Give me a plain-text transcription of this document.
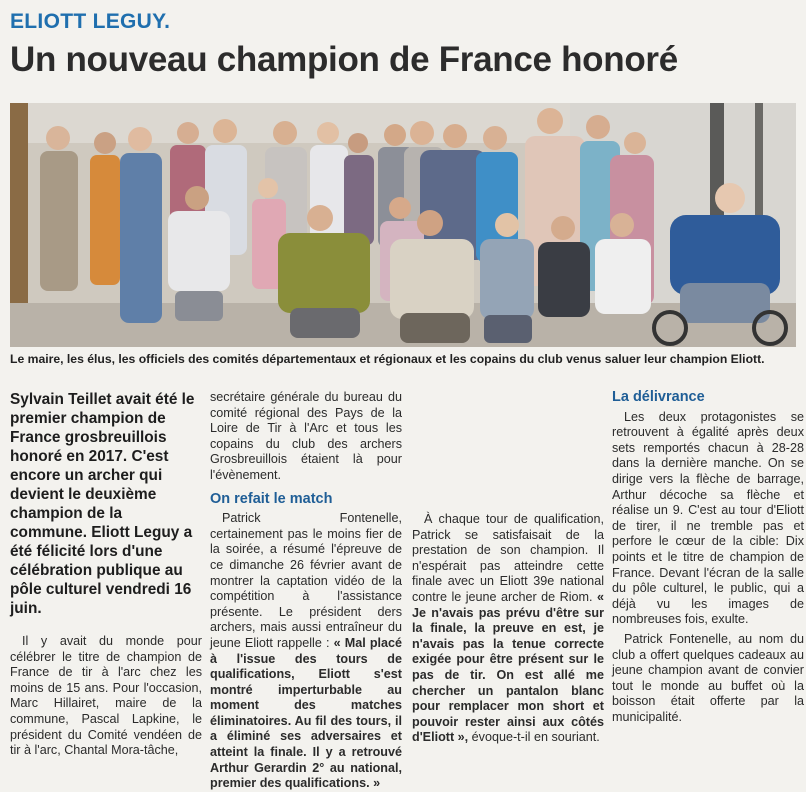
ELIOTT LEGUY.
Un nouveau champion de France honoré
Le maire, les élus, les officiels des comités départementaux et régionaux et les copains du club venus saluer leur champion Eliott.

Sylvain Teillet avait été le premier champion de France grosbreuillois honoré en 2017. C'est encore un archer qui devient le deuxième champion de la commune. Eliott Leguy a été félicité lors d'une célébration publique au pôle culturel vendredi 16 juin.

Il y avait du monde pour célébrer le titre de champion de France de tir à l'arc chez les moins de 15 ans. Pour l'occasion, Marc Hillairet, maire de la commune, Pascal Lapkine, le président du Comité vendéen de tir à l'arc, Chantal Mora-tâche,

secrétaire générale du bureau du comité régional des Pays de la Loire de Tir à l'Arc et tous les copains du club des archers Grosbreuillois étaient là pour l'évènement.

On refait le match

Patrick Fontenelle, certainement pas le moins fier de la soirée, a résumé l'épreuve de ce dimanche 26 février avant de montrer la captation vidéo de la compétition à l'assistance présente. Le président ders archers, mais aussi entraîneur du jeune Eliott rappelle : « Mal placé à l'issue des tours de qualifications, Eliott s'est montré imperturbable au moment des matches éliminatoires. Au fil des tours, il a éliminé ses adversaires et atteint la finale. Il y a retrouvé Arthur Gerardin 2° au national, premier des qualifications. »

À chaque tour de qualification, Patrick se satisfaisait de la prestation de son champion. Il n'espérait pas atteindre cette finale avec un Eliott 39e national contre le jeune archer de Riom. « Je n'avais pas prévu d'être sur la finale, la preuve en est, je n'avais pas la tenue correcte exigée pour être présent sur le pas de tir. On est allé me chercher un pantalon blanc pour remplacer mon short et pouvoir rester ainsi aux côtés d'Eliott », évoque-t-il en souriant.

La délivrance

Les deux protagonistes se retrouvent à égalité après deux sets remportés chacun à 28-28 dans la dernière manche. On se dirige vers la flèche de barrage, Arthur décoche sa flèche et réalise un 9. C'est au tour d'Eliott de tirer, il ne tremble pas et perfore le cœur de la cible: Dix points et le titre de champion de France. Devant l'écran de la salle du pôle culturel, le public, qui a déjà vu les images de nombreuses fois, exulte.

Patrick Fontenelle, au nom du club a offert quelques cadeaux au jeune champion avant de convier tout le monde au buffet où la boisson était offerte par la municipalité.
